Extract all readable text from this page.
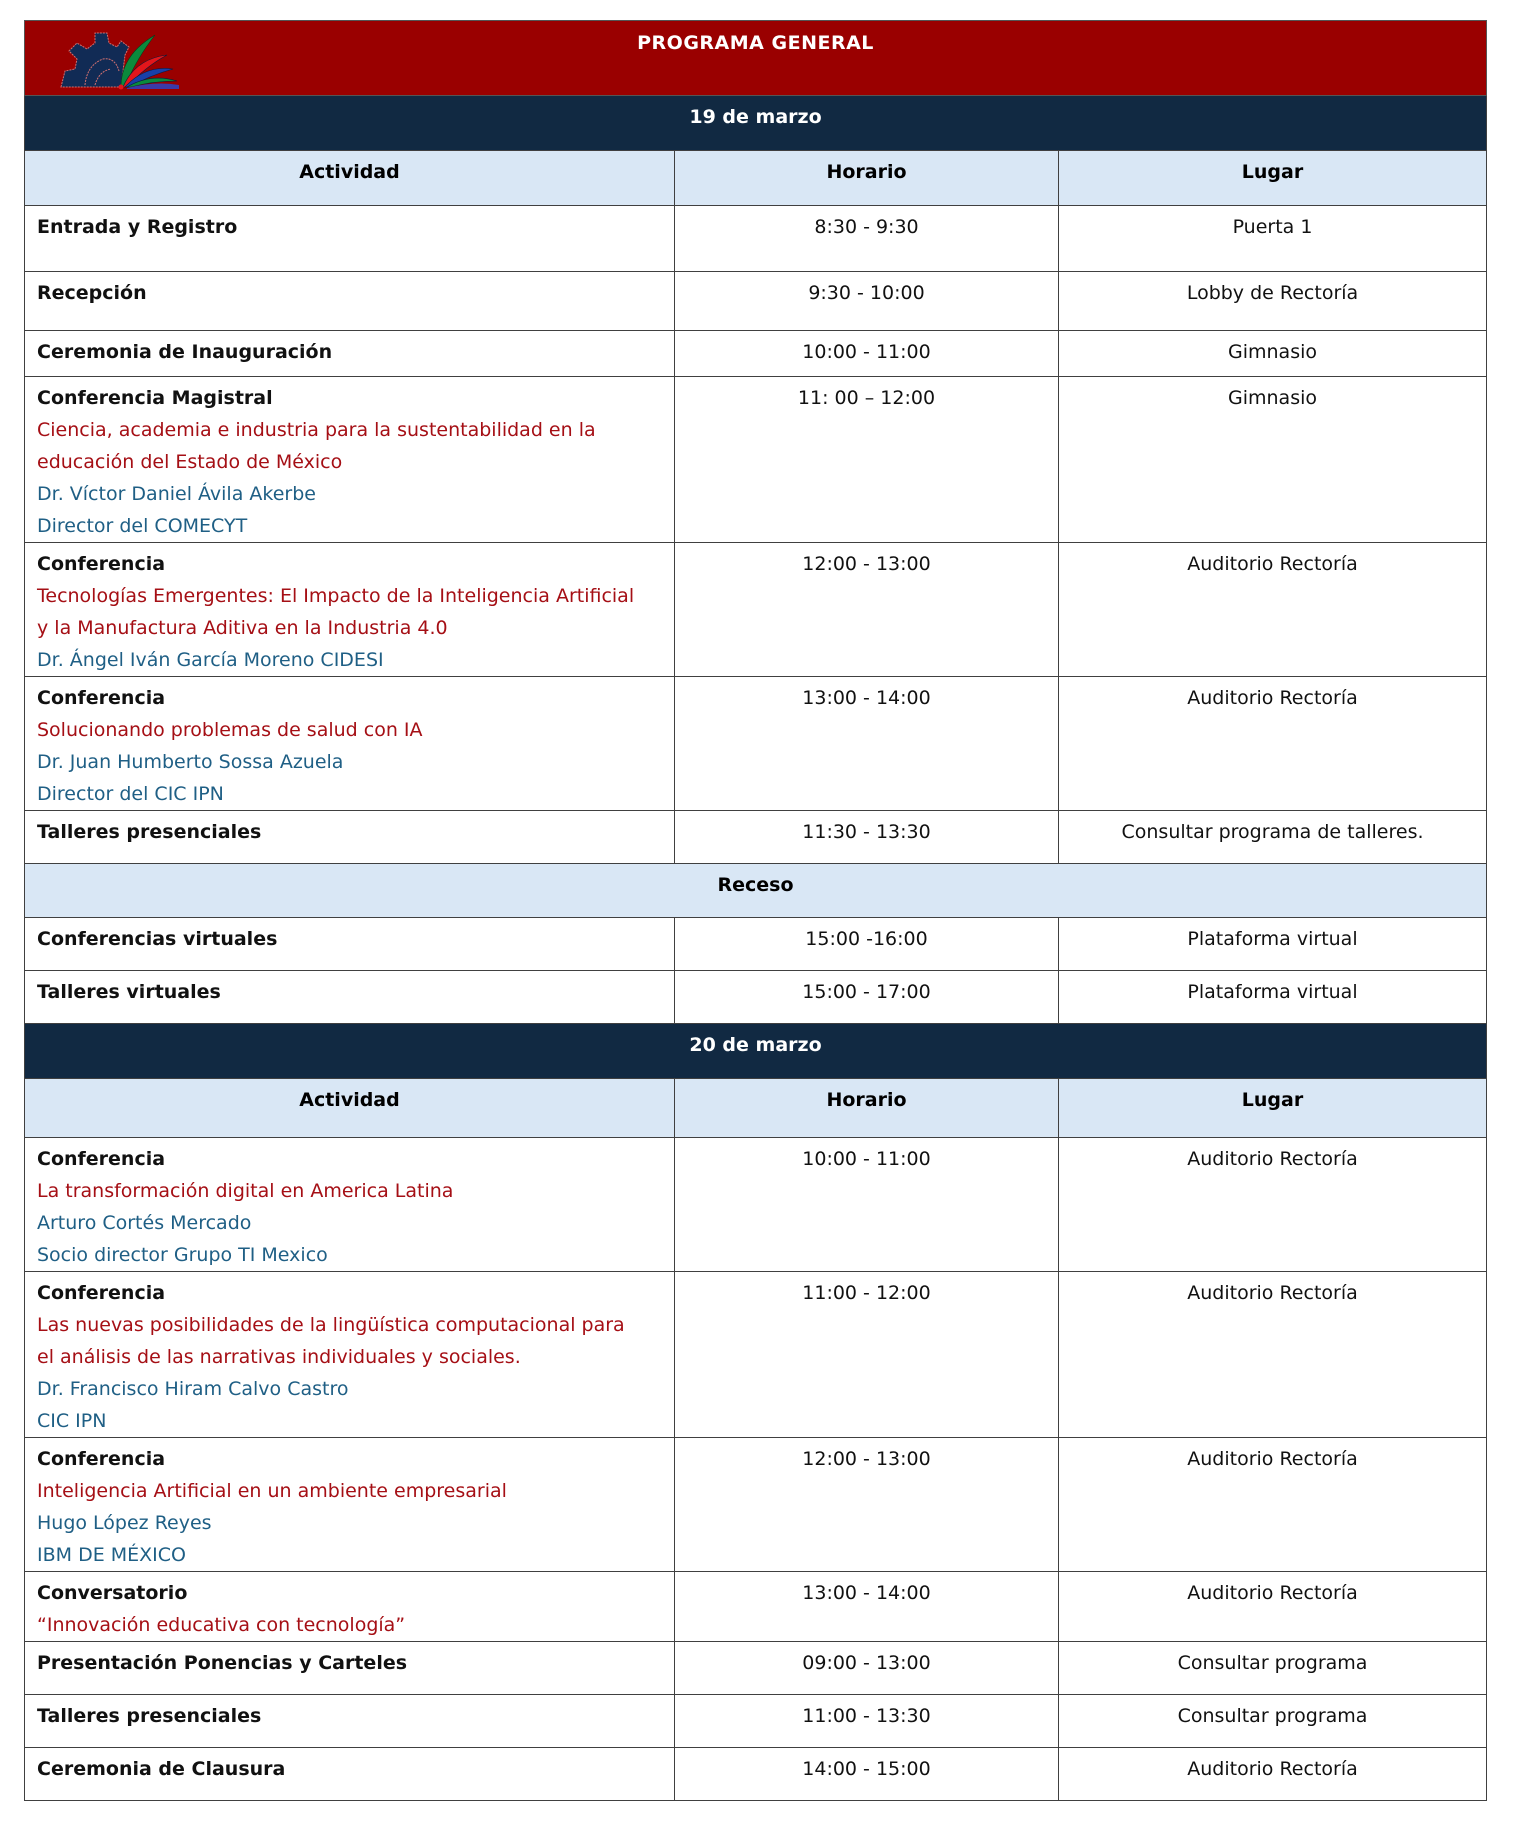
PROGRAMA GENERAL		

19 de marzo		

Actividad	Horario	Lugar

Entrada y Registro	8:30 - 9:30	Puerta 1

Recepción	9:30 - 10:00	Lobby de Rectoría

Ceremonia de Inauguración	10:00 - 11:00	Gimnasio

Conferencia Magistral
Ciencia, academia e industria para la sustentabilidad en la
educación del Estado de México
Dr. Víctor Daniel Ávila Akerbe
Director del COMECYT	11: 00 – 12:00	Gimnasio

Conferencia
Tecnologías Emergentes: El Impacto de la Inteligencia Artificial
y la Manufactura Aditiva en la Industria 4.0
Dr. Ángel Iván García Moreno CIDESI	12:00 - 13:00	Auditorio Rectoría

Conferencia
Solucionando problemas de salud con IA
Dr. Juan Humberto Sossa Azuela
Director del CIC IPN	13:00 - 14:00	Auditorio Rectoría

Talleres presenciales	11:30 - 13:30	Consultar programa de talleres.

Receso		

Conferencias virtuales	15:00 -16:00	Plataforma virtual

Talleres virtuales	15:00 - 17:00	Plataforma virtual

20 de marzo		

Actividad	Horario	Lugar

Conferencia
La transformación digital en America Latina
Arturo Cortés Mercado
Socio director Grupo TI Mexico	10:00 - 11:00	Auditorio Rectoría

Conferencia
Las nuevas posibilidades de la lingüística computacional para
el análisis de las narrativas individuales y sociales.
Dr. Francisco Hiram Calvo Castro
CIC IPN	11:00 - 12:00	Auditorio Rectoría

Conferencia
Inteligencia Artificial en un ambiente empresarial
Hugo López Reyes
IBM DE MÉXICO	12:00 - 13:00	Auditorio Rectoría

Conversatorio
“Innovación educativa con tecnología”	13:00 - 14:00	Auditorio Rectoría

Presentación Ponencias y Carteles	09:00 - 13:00	Consultar programa

Talleres presenciales	11:00 - 13:30	Consultar programa

Ceremonia de Clausura	14:00 - 15:00	Auditorio Rectoría
